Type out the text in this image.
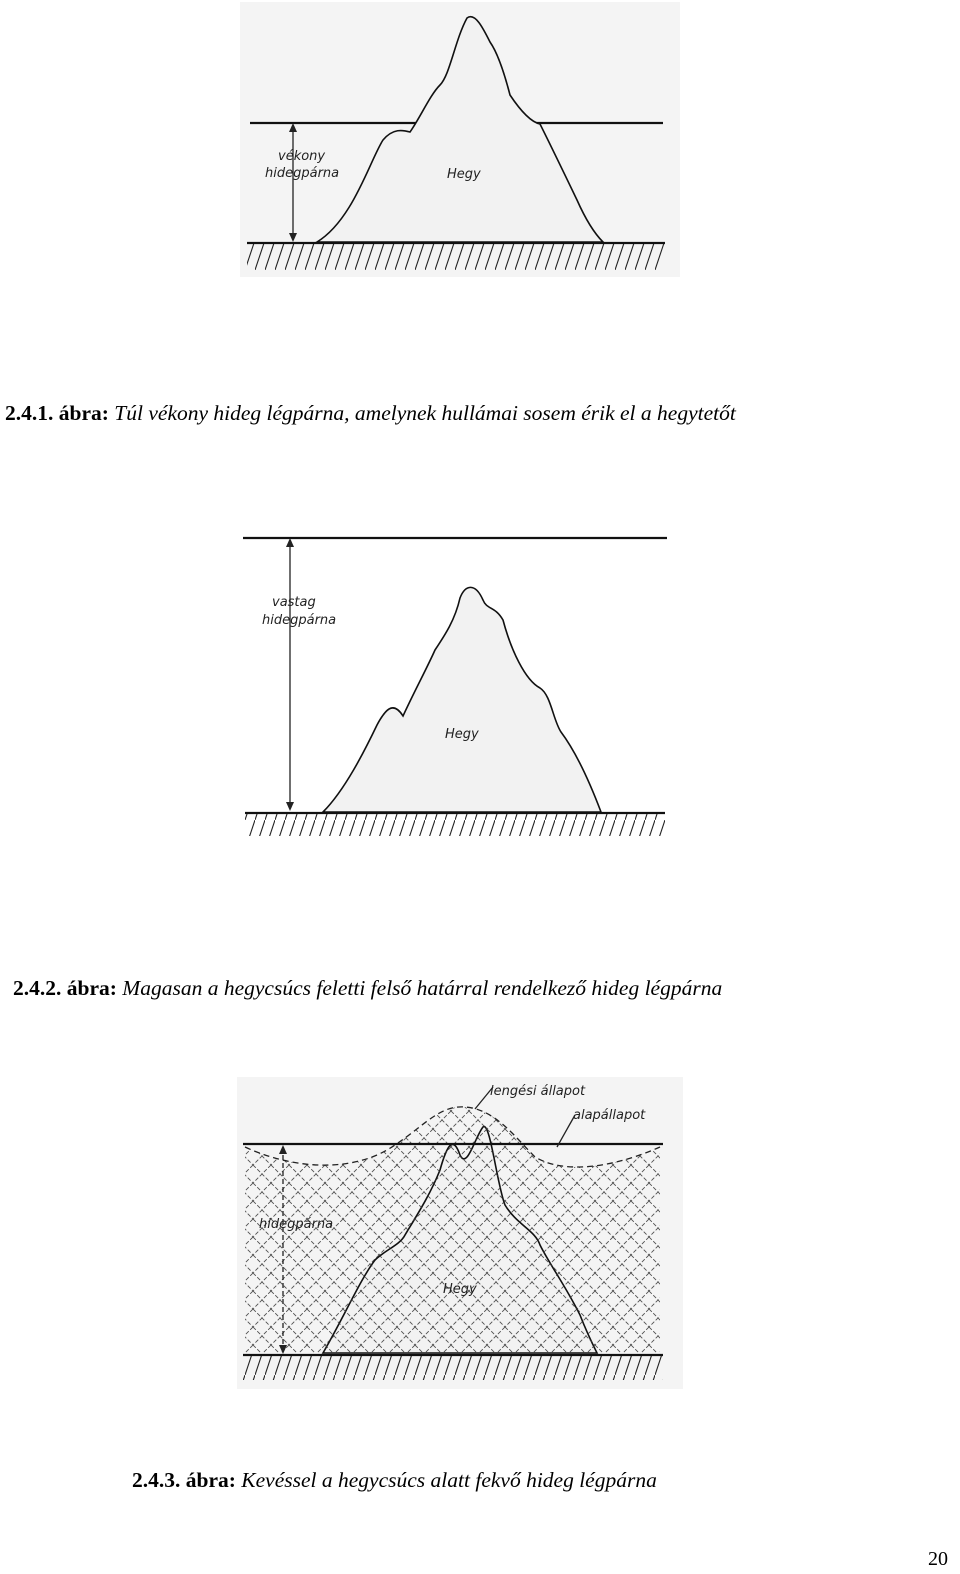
vékony
hidegpárna	Hegy

2.4.1. ábra: Túl vékony hideg légpárna, amelynek hullámai sosem érik el a hegytetőt

vastag
hidegpárna
Hegy

2.4.2. ábra: Magasan a hegycsúcs feletti felső határral rendelkező hideg légpárna

lengési állapot
alapállapot
hidegpárna
Hegy

2.4.3. ábra: Kevéssel a hegycsúcs alatt fekvő hideg légpárna

20
